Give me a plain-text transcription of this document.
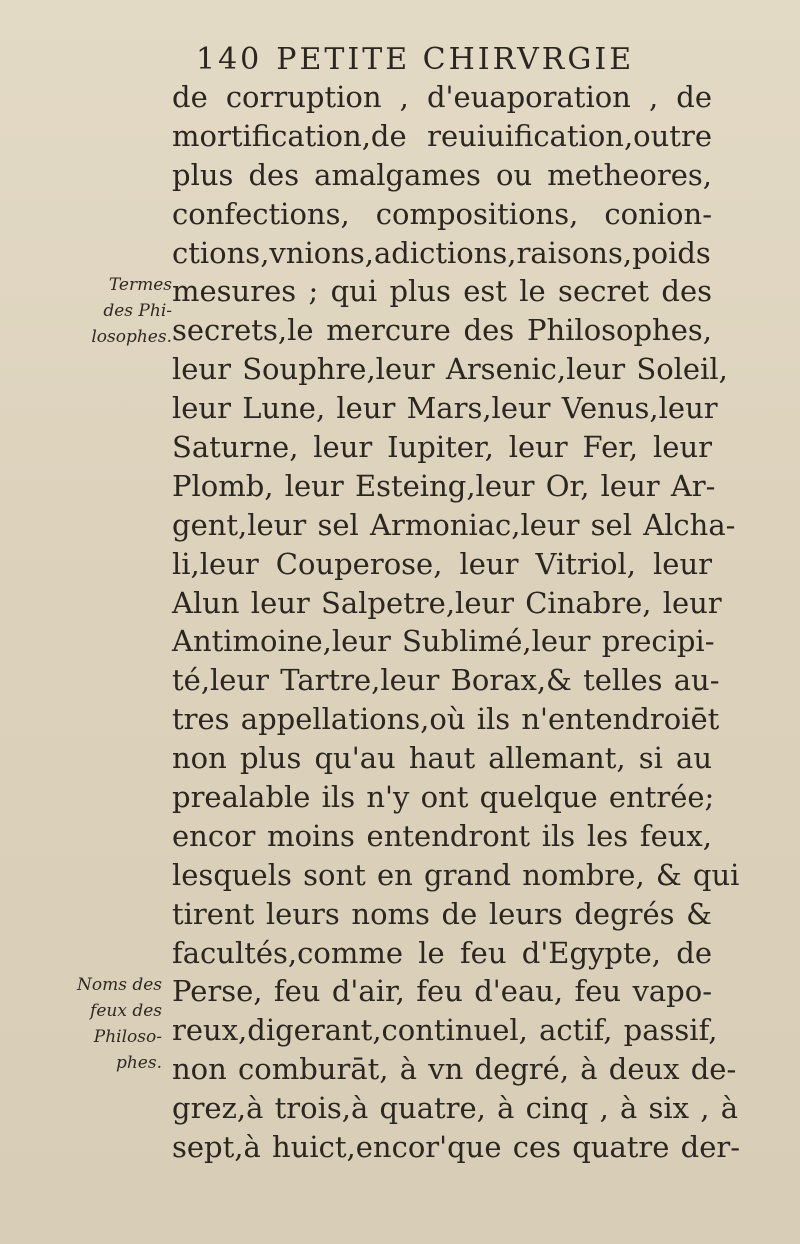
140 PETITE CHIRVRGIE
Termes
des Phi-
losophes.
Noms des
feux des
Philoso-
phes.
de corruption , d'euaporation , de
mortification,de reuiuification,outre
plus des amalgames ou metheores,
confections, compositions, conion-
ctions,vnions,adictions,raisons,poids
mesures ; qui plus est le secret des
secrets,le mercure des Philosophes,
leur Souphre,leur Arsenic,leur Soleil,
leur Lune, leur Mars,leur Venus,leur
Saturne, leur Iupiter, leur Fer, leur
Plomb, leur Esteing,leur Or, leur Ar-
gent,leur sel Armoniac,leur sel Alcha-
li,leur Couperose, leur Vitriol, leur
Alun leur Salpetre,leur Cinabre, leur
Antimoine,leur Sublimé,leur precipi-
té,leur Tartre,leur Borax,& telles au-
tres appellations,où ils n'entendroiēt
non plus qu'au haut allemant, si au
prealable ils n'y ont quelque entrée;
encor moins entendront ils les feux,
lesquels sont en grand nombre, & qui
tirent leurs noms de leurs degrés &
facultés,comme le feu d'Egypte, de
Perse, feu d'air, feu d'eau, feu vapo-
reux,digerant,continuel, actif, passif,
non comburāt, à vn degré, à deux de-
grez,à trois,à quatre, à cinq , à six , à
sept,à huict,encor'que ces quatre der-
